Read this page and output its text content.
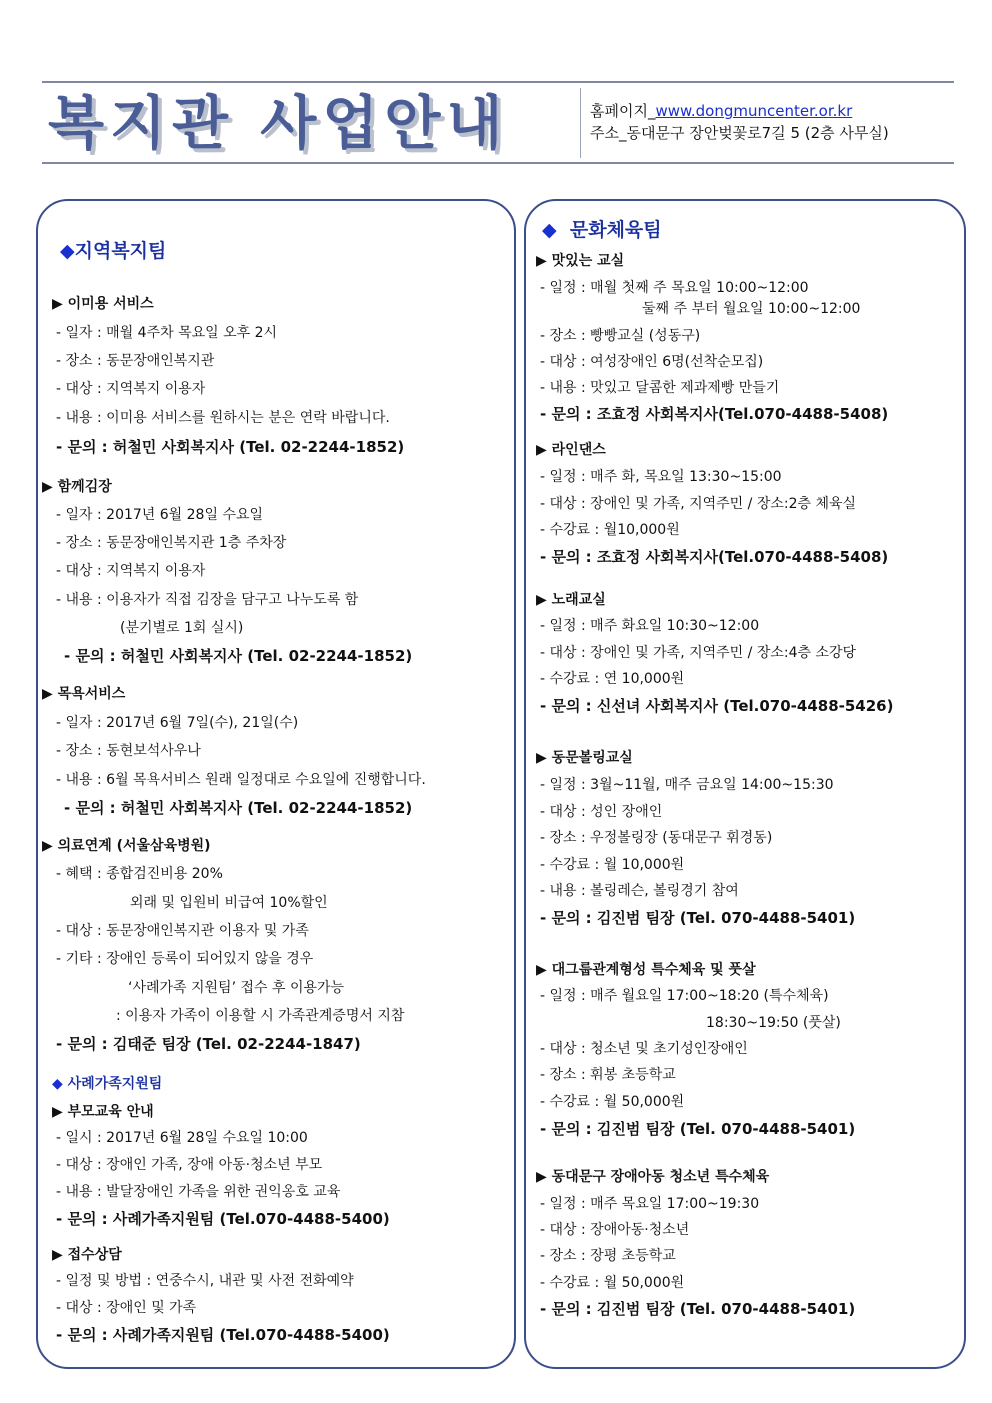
복지관 사업안내	홈페이지_www.dongmuncenter.or.kr
주소_동대문구 장안벚꽃로7길 5 (2층 사무실)
◆지역복지팀
▶ 이미용 서비스
- 일자 : 매월 4주차 목요일 오후 2시
- 장소 : 동문장애인복지관
- 대상 : 지역복지 이용자
- 내용 : 이미용 서비스를 원하시는 분은 연락 바랍니다.
- 문의 : 허철민 사회복지사 (Tel. 02-2244-1852)
▶ 함께김장
- 일자 : 2017년 6월 28일 수요일
- 장소 : 동문장애인복지관 1층 주차장
- 대상 : 지역복지 이용자
- 내용 : 이용자가 직접 김장을 담구고 나누도록 함
(분기별로 1회 실시)
- 문의 : 허철민 사회복지사 (Tel. 02-2244-1852)
▶ 목욕서비스
- 일자 : 2017년 6월 7일(수), 21일(수)
- 장소 : 동현보석사우나
- 내용 : 6월 목욕서비스 원래 일정대로 수요일에 진행합니다.
- 문의 : 허철민 사회복지사 (Tel. 02-2244-1852)
▶ 의료연계 (서울삼육병원)
- 혜택 : 종합검진비용 20%
외래 및 입원비 비급여 10%할인
- 대상 : 동문장애인복지관 이용자 및 가족
- 기타 : 장애인 등록이 되어있지 않을 경우
‘사례가족 지원팀’ 접수 후 이용가능
: 이용자 가족이 이용할 시 가족관계증명서 지참
- 문의 : 김태준 팀장 (Tel. 02-2244-1847)
◆ 사례가족지원팀
▶ 부모교육 안내
- 일시 : 2017년 6월 28일 수요일 10:00
- 대상 : 장애인 가족, 장애 아동·청소년 부모
- 내용 : 발달장애인 가족을 위한 권익옹호 교육
- 문의 : 사례가족지원팀 (Tel.070-4488-5400)
▶ 접수상담
- 일정 및 방법 : 연중수시, 내관 및 사전 전화예약
- 대상 : 장애인 및 가족
- 문의 : 사례가족지원팀 (Tel.070-4488-5400)
◆ 문화체육팀
▶ 맛있는 교실
- 일정 : 매월 첫째 주 목요일 10:00~12:00
둘째 주 부터 월요일 10:00~12:00
- 장소 : 빵빵교실 (성동구)
- 대상 : 여성장애인 6명(선착순모집)
- 내용 : 맛있고 달콤한 제과제빵 만들기
- 문의 : 조효정 사회복지사(Tel.070-4488-5408)
▶ 라인댄스
- 일정 : 매주 화, 목요일 13:30~15:00
- 대상 : 장애인 및 가족, 지역주민 / 장소:2층 체육실
- 수강료 : 월10,000원
- 문의 : 조효정 사회복지사(Tel.070-4488-5408)
▶ 노래교실
- 일정 : 매주 화요일 10:30~12:00
- 대상 : 장애인 및 가족, 지역주민 / 장소:4층 소강당
- 수강료 : 연 10,000원
- 문의 : 신선녀 사회복지사 (Tel.070-4488-5426)
▶ 동문볼링교실
- 일정 : 3월~11월, 매주 금요일 14:00~15:30
- 대상 : 성인 장애인
- 장소 : 우정볼링장 (동대문구 휘경동)
- 수강료 : 월 10,000원
- 내용 : 볼링레슨, 볼링경기 참여
- 문의 : 김진범 팀장 (Tel. 070-4488-5401)
▶ 대그룹관계형성 특수체육 및 풋살
- 일정 : 매주 월요일 17:00~18:20 (특수체육)
18:30~19:50 (풋살)
- 대상 : 청소년 및 초기성인장애인
- 장소 : 휘봉 초등학교
- 수강료 : 월 50,000원
- 문의 : 김진범 팀장 (Tel. 070-4488-5401)
▶ 동대문구 장애아동 청소년 특수체육
- 일정 : 매주 목요일 17:00~19:30
- 대상 : 장애아동·청소년
- 장소 : 장평 초등학교
- 수강료 : 월 50,000원
- 문의 : 김진범 팀장 (Tel. 070-4488-5401)
